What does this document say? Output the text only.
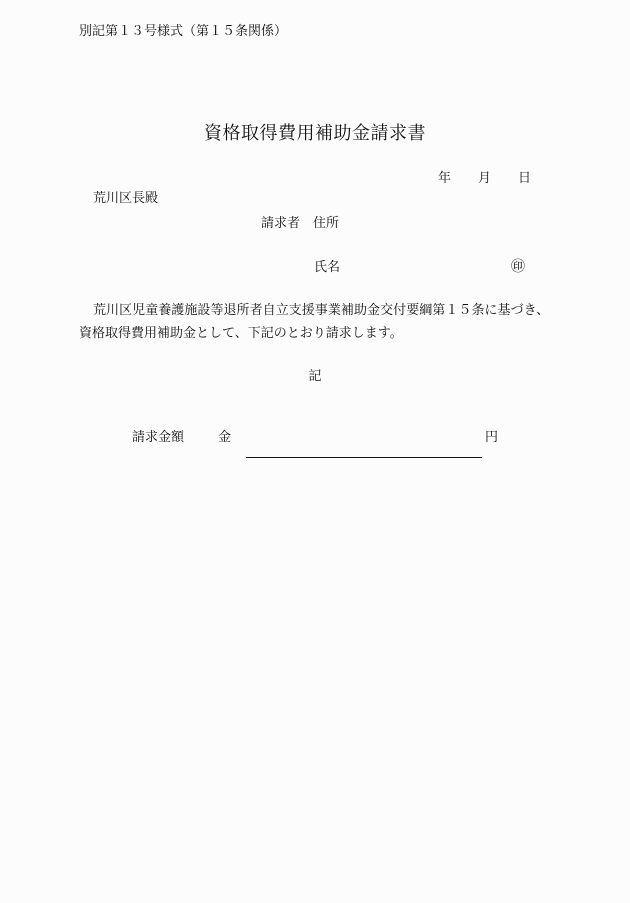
別記第１３号様式（第１５条関係）
資格取得費用補助金請求書
年 月 日
荒川区長殿
請求者　住所
氏名	㊞
荒川区児童養護施設等退所者自立支援事業補助金交付要綱第１５条に基づき、
資格取得費用補助金として、下記のとおり請求します。
記
請求金額	金	円
